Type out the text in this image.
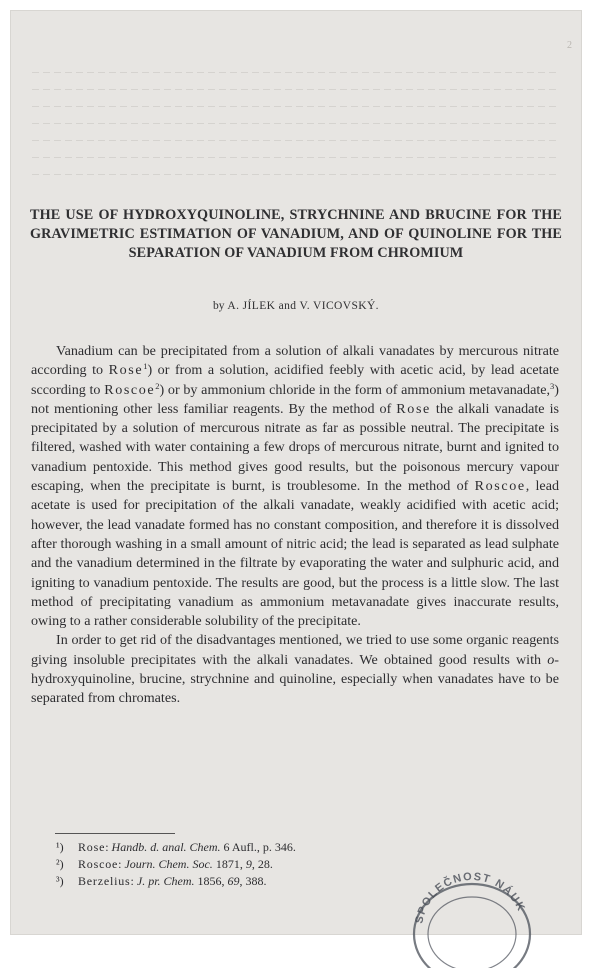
2
THE USE OF HYDROXYQUINOLINE, STRYCHNINE AND BRUCINE FOR THE GRAVIMETRIC ESTIMATION OF VANADIUM, AND OF QUINOLINE FOR THE SEPARATION OF VANADIUM FROM CHROMIUM
by A. JÍLEK and V. VICOVSKÝ.

Vanadium can be precipitated from a solution of alkali vanadates by mercurous nitrate according to Rose$^1$) or from a solution, acidified feebly with acetic acid, by lead acetate sccording to Roscoe$^2$) or by ammonium chloride in the form of ammonium metavanadate,$^3$) not mentioning other less familiar reagents. By the method of Rose the alkali vanadate is precipitated by a solution of mercurous nitrate as far as possible neutral. The precipitate is filtered, washed with water containing a few drops of mercurous nitrate, burnt and ignited to vanadium pentoxide. This method gives good results, but the poisonous mercury vapour escaping, when the precipitate is burnt, is troublesome. In the method of Roscoe, lead acetate is used for precipitation of the alkali vanadate, weakly acidified with acetic acid; however, the lead vanadate formed has no constant composition, and therefore it is dissolved after thorough washing in a small amount of nitric acid; the lead is separated as lead sulphate and the vanadium determined in the filtrate by evaporating the water and sulphuric acid, and igniting to vanadium pentoxide. The results are good, but the process is a little slow. The last method of precipitating vanadium as ammonium metavanadate gives inaccurate results, owing to a rather considerable solubility of the precipitate.

In order to get rid of the disadvantages mentioned, we tried to use some organic reagents giving insoluble precipitates with the alkali vanadates. We obtained good results with o-hydroxyquinoline, brucine, strychnine and quinoline, especially when vanadates have to be separated from chromates.

¹) Rose: Handb. d. anal. Chem. 6 Aufl., p. 346.
²) Roscoe: Journ. Chem. Soc. 1871, 9, 28.
³) Berzelius: J. pr. Chem. 1856, 69, 388.
SPOLEČNOST NÁUK
